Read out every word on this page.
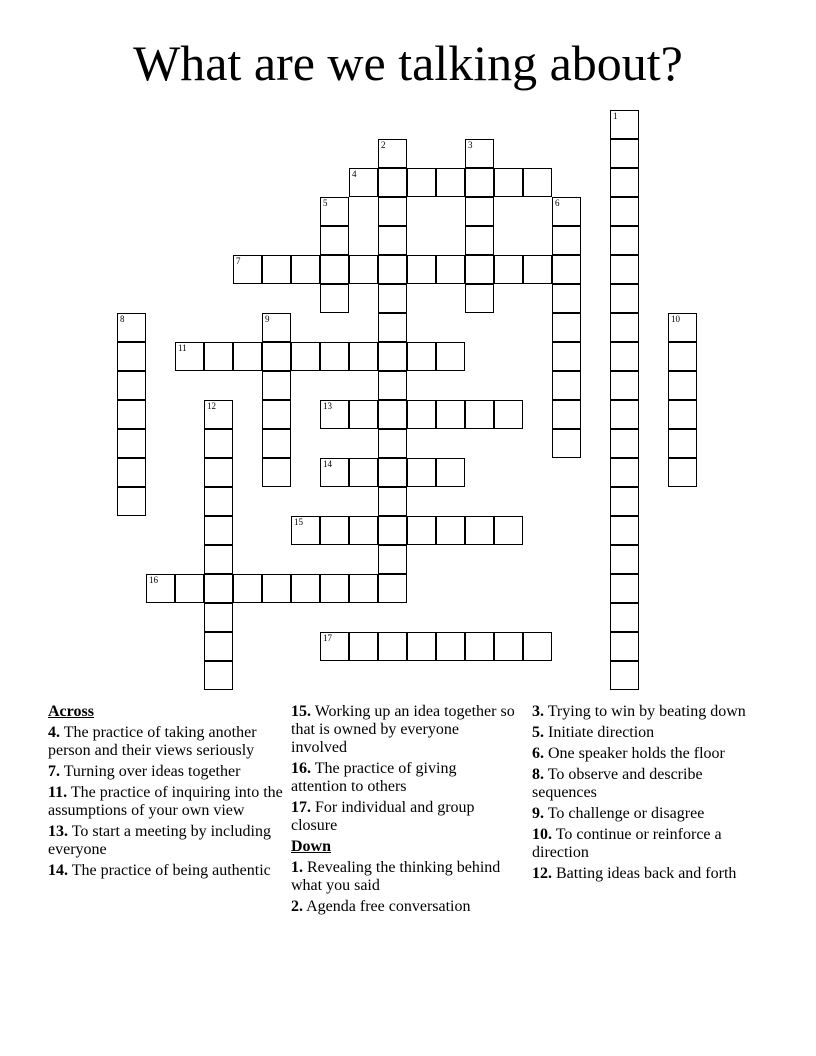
What are we talking about?
1
2	3
4
5	6
7
8	9	10
11
12	13
14
15
16
17
Across
4. The practice of taking another person and their views seriously
7. Turning over ideas together
11. The practice of inquiring into the assumptions of your own view
13. To start a meeting by including everyone
14. The practice of being authentic
15. Working up an idea together so that is owned by everyone involved
16. The practice of giving attention to others
17. For individual and group closure
Down
1. Revealing the thinking behind what you said
2. Agenda free conversation
3. Trying to win by beating down
5. Initiate direction
6. One speaker holds the floor
8. To observe and describe sequences
9. To challenge or disagree
10. To continue or reinforce a direction
12. Batting ideas back and forth
